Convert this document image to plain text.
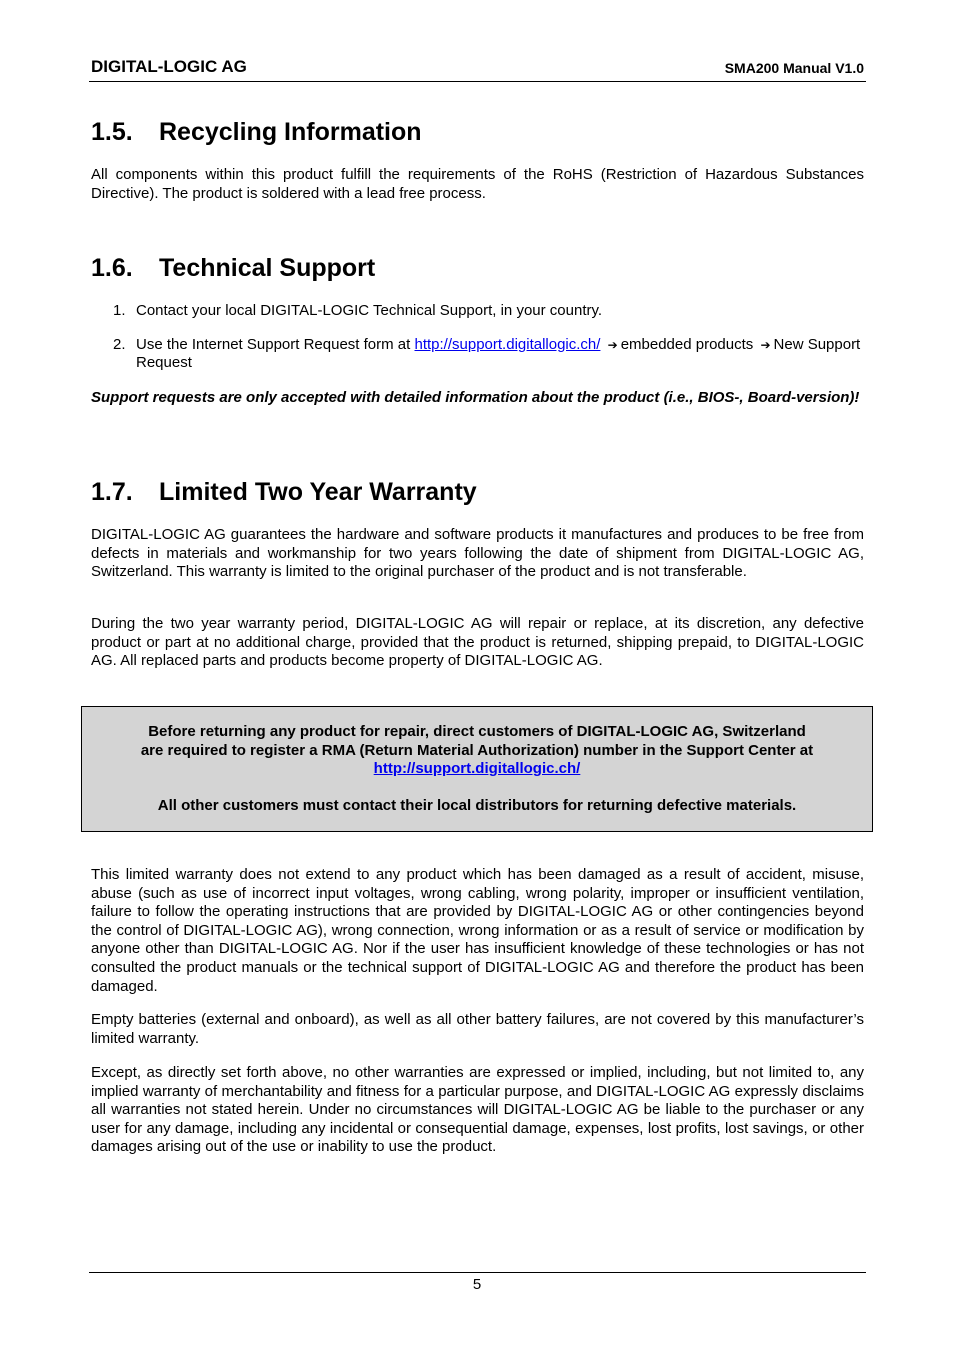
DIGITAL-LOGIC AG	SMA200 Manual V1.0
1.5. Recycling Information

All components within this product fulfill the requirements of the RoHS (Restriction of Hazardous Substances Directive). The product is soldered with a lead free process.

1.6. Technical Support
1. Contact your local DIGITAL-LOGIC Technical Support, in your country.
2. Use the Internet Support Request form at http://support.digitallogic.ch/ ➔ embedded products ➔ New Support Request

Support requests are only accepted with detailed information about the product (i.e., BIOS-, Board-version)!

1.7. Limited Two Year Warranty

DIGITAL-LOGIC AG guarantees the hardware and software products it manufactures and produces to be free from defects in materials and workmanship for two years following the date of shipment from DIGITAL-LOGIC AG, Switzerland. This warranty is limited to the original purchaser of the product and is not transferable.

During the two year warranty period, DIGITAL-LOGIC AG will repair or replace, at its discretion, any defective product or part at no additional charge, provided that the product is returned, shipping prepaid, to DIGITAL-LOGIC AG. All replaced parts and products become property of DIGITAL-LOGIC AG.

Before returning any product for repair, direct customers of DIGITAL-LOGIC AG, Switzerland
are required to register a RMA (Return Material Authorization) number in the Support Center at
http://support.digitallogic.ch/
All other customers must contact their local distributors for returning defective materials.

This limited warranty does not extend to any product which has been damaged as a result of accident, misuse, abuse (such as use of incorrect input voltages, wrong cabling, wrong polarity, improper or insufficient ventilation, failure to follow the operating instructions that are provided by DIGITAL-LOGIC AG or other contingencies beyond the control of DIGITAL-LOGIC AG), wrong connection, wrong information or as a result of service or modification by anyone other than DIGITAL-LOGIC AG. Nor if the user has insufficient knowledge of these technologies or has not consulted the product manuals or the technical support of DIGITAL-LOGIC AG and therefore the product has been damaged.

Empty batteries (external and onboard), as well as all other battery failures, are not covered by this manufacturer’s limited warranty.

Except, as directly set forth above, no other warranties are expressed or implied, including, but not limited to, any implied warranty of merchantability and fitness for a particular purpose, and DIGITAL-LOGIC AG expressly disclaims all warranties not stated herein. Under no circumstances will DIGITAL-LOGIC AG be liable to the purchaser or any user for any damage, including any incidental or consequential damage, expenses, lost profits, lost savings, or other damages arising out of the use or inability to use the product.

5
